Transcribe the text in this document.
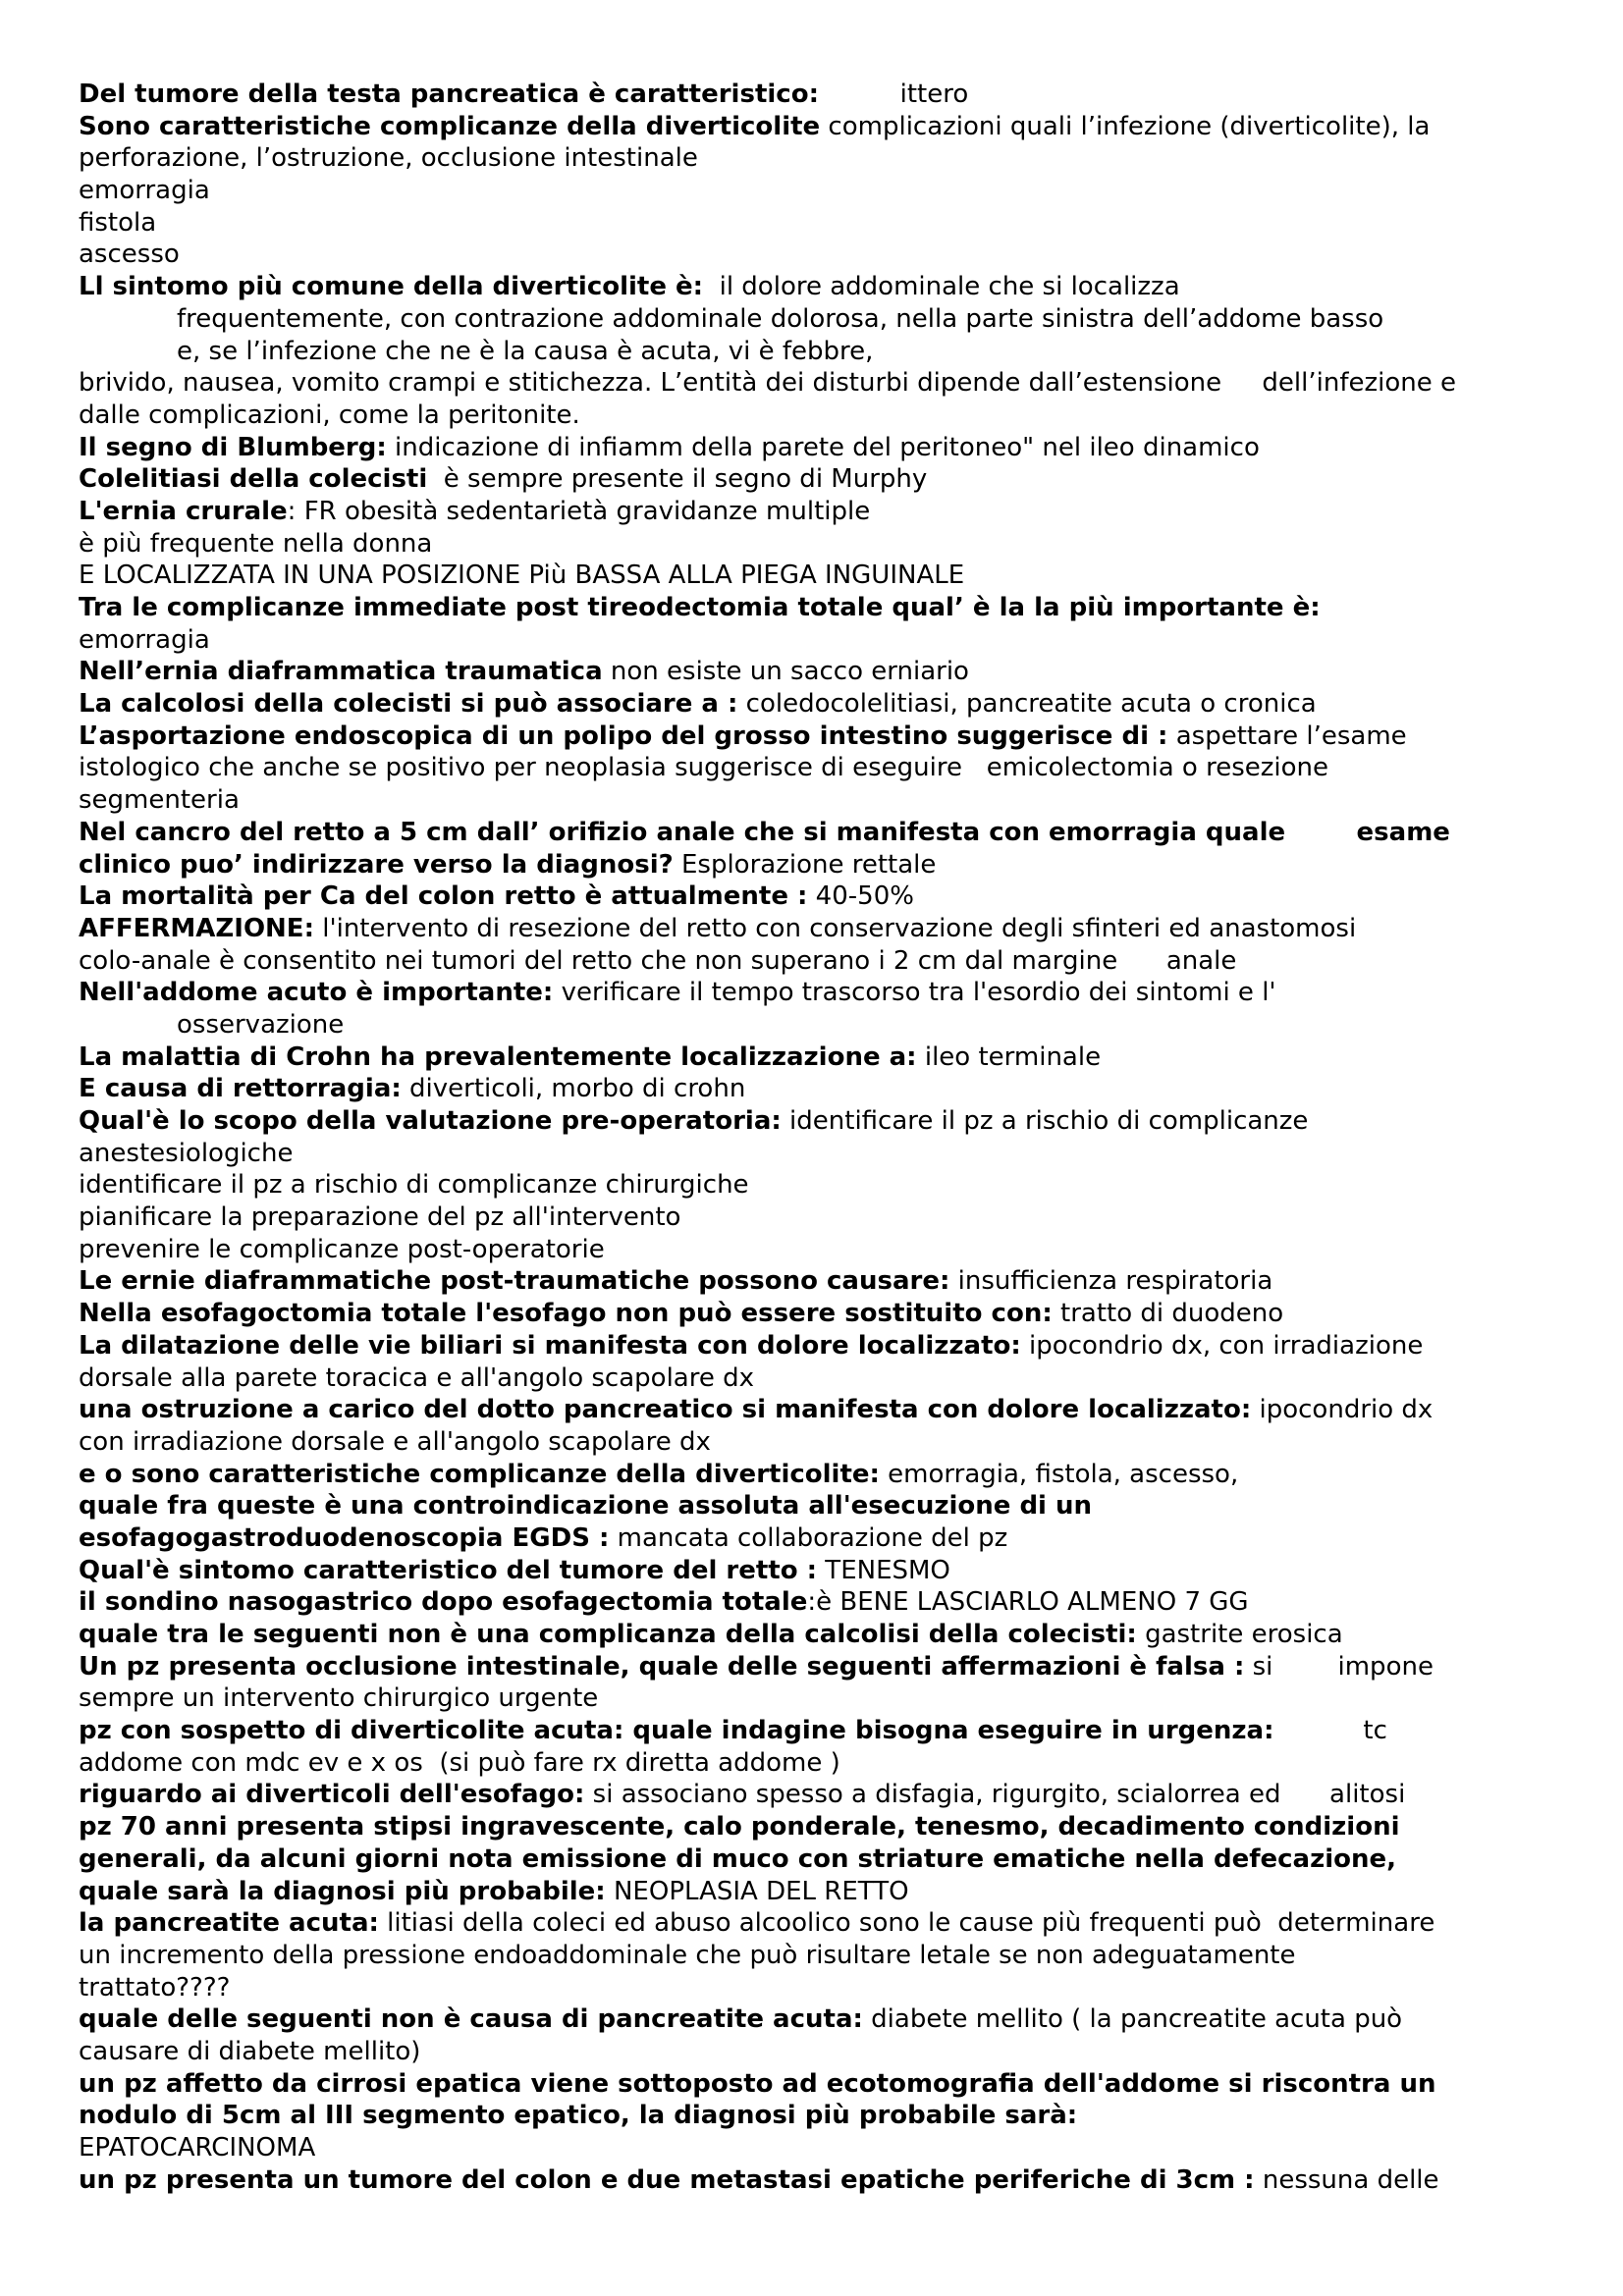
Del tumore della testa pancreatica è caratteristico:          ittero
Sono caratteristiche complicanze della diverticolite complicazioni quali l’infezione (diverticolite), la
perforazione, l’ostruzione, occlusione intestinale
emorragia
fistola
ascesso
Ll sintomo più comune della diverticolite è:  il dolore addominale che si localizza
frequentemente, con contrazione addominale dolorosa, nella parte sinistra dell’addome basso
e, se l’infezione che ne è la causa è acuta, vi è febbre,
brivido, nausea, vomito crampi e stitichezza. L’entità dei disturbi dipende dall’estensione     dell’infezione e
dalle complicazioni, come la peritonite.
Il segno di Blumberg: indicazione di infiamm della parete del peritoneo" nel ileo dinamico
Colelitiasi della colecisti  è sempre presente il segno di Murphy
L'ernia crurale: FR obesità sedentarietà gravidanze multiple
è più frequente nella donna
E LOCALIZZATA IN UNA POSIZIONE Più BASSA ALLA PIEGA INGUINALE
Tra le complicanze immediate post tireodectomia totale qual’ è la la più importante è:
emorragia
Nell’ernia diaframmatica traumatica non esiste un sacco erniario
La calcolosi della colecisti si può associare a : coledocolelitiasi, pancreatite acuta o cronica
L’asportazione endoscopica di un polipo del grosso intestino suggerisce di : aspettare l’esame
istologico che anche se positivo per neoplasia suggerisce di eseguire   emicolectomia o resezione
segmenteria
Nel cancro del retto a 5 cm dall’ orifizio anale che si manifesta con emorragia quale        esame
clinico puo’ indirizzare verso la diagnosi? Esplorazione rettale
La mortalità per Ca del colon retto è attualmente : 40-50%
AFFERMAZIONE: l'intervento di resezione del retto con conservazione degli sfinteri ed anastomosi
colo-anale è consentito nei tumori del retto che non superano i 2 cm dal margine      anale
Nell'addome acuto è importante: verificare il tempo trascorso tra l'esordio dei sintomi e l'
osservazione
La malattia di Crohn ha prevalentemente localizzazione a: ileo terminale
E causa di rettorragia: diverticoli, morbo di crohn
Qual'è lo scopo della valutazione pre-operatoria: identificare il pz a rischio di complicanze
anestesiologiche
identificare il pz a rischio di complicanze chirurgiche
pianificare la preparazione del pz all'intervento
prevenire le complicanze post-operatorie
Le ernie diaframmatiche post-traumatiche possono causare: insufficienza respiratoria
Nella esofagoctomia totale l'esofago non può essere sostituito con: tratto di duodeno
La dilatazione delle vie biliari si manifesta con dolore localizzato: ipocondrio dx, con irradiazione
dorsale alla parete toracica e all'angolo scapolare dx
una ostruzione a carico del dotto pancreatico si manifesta con dolore localizzato: ipocondrio dx
con irradiazione dorsale e all'angolo scapolare dx
e o sono caratteristiche complicanze della diverticolite: emorragia, fistola, ascesso,
quale fra queste è una controindicazione assoluta all'esecuzione di un
esofagogastroduodenoscopia EGDS : mancata collaborazione del pz
Qual'è sintomo caratteristico del tumore del retto : TENESMO
il sondino nasogastrico dopo esofagectomia totale:è BENE LASCIARLO ALMENO 7 GG
quale tra le seguenti non è una complicanza della calcolisi della colecisti: gastrite erosica
Un pz presenta occlusione intestinale, quale delle seguenti affermazioni è falsa : si        impone
sempre un intervento chirurgico urgente
pz con sospetto di diverticolite acuta: quale indagine bisogna eseguire in urgenza:           tc
addome con mdc ev e x os  (si può fare rx diretta addome )
riguardo ai diverticoli dell'esofago: si associano spesso a disfagia, rigurgito, scialorrea ed      alitosi
pz 70 anni presenta stipsi ingravescente, calo ponderale, tenesmo, decadimento condizioni
generali, da alcuni giorni nota emissione di muco con striature ematiche nella defecazione,
quale sarà la diagnosi più probabile: NEOPLASIA DEL RETTO
la pancreatite acuta: litiasi della coleci ed abuso alcoolico sono le cause più frequenti può  determinare
un incremento della pressione endoaddominale che può risultare letale se non adeguatamente
trattato????
quale delle seguenti non è causa di pancreatite acuta: diabete mellito ( la pancreatite acuta può
causare di diabete mellito)
un pz affetto da cirrosi epatica viene sottoposto ad ecotomografia dell'addome si riscontra un
nodulo di 5cm al III segmento epatico, la diagnosi più probabile sarà:
EPATOCARCINOMA
un pz presenta un tumore del colon e due metastasi epatiche periferiche di 3cm : nessuna delle
